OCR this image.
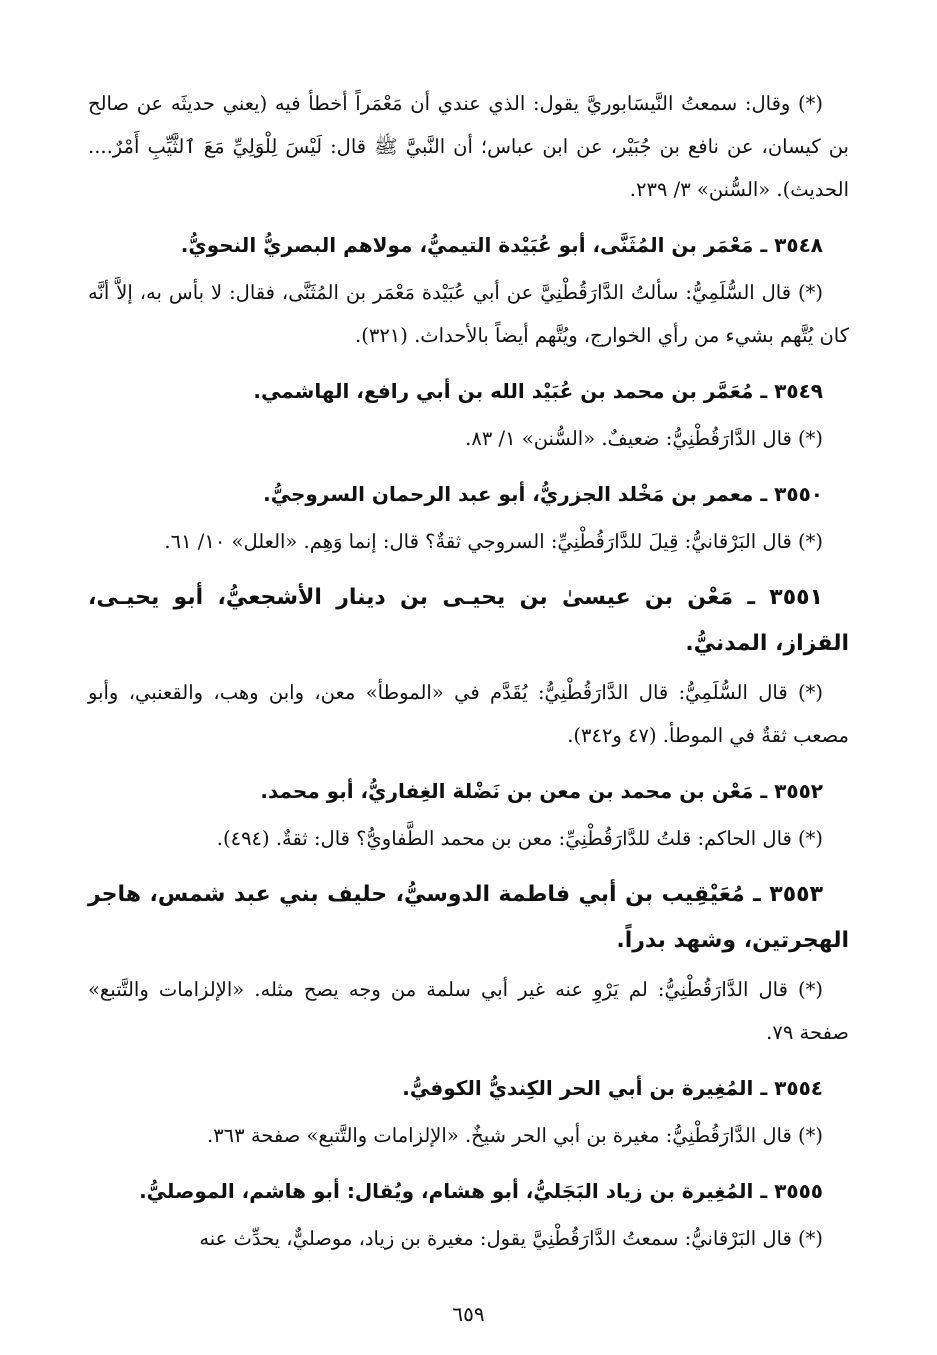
(*) وقال: سمعتُ النَّيسَابوريَّ يقول: الذي عندي أن مَعْمَراً أخطأ فيه (يعني حديثَه عن صالح بن كيسان، عن نافع بن جُبَيْر، عن ابن عباس؛ أن النَّبيَّ ﷺ قال: لَيْسَ لِلْوَلِيِّ مَعَ ٱلثَّيِّبِ أَمْرٌ.... الحديث). «السُّنن» ٣/ ٢٣٩.

٣٥٤٨ ـ مَعْمَر بن المُثَنَّى، أبو عُبَيْدة التيميُّ، مولاهم البصريُّ النحويُّ.

(*) قال السُّلَمِيُّ: سألتُ الدَّارَقُطْنِيَّ عن أبي عُبَيْدة مَعْمَر بن المُثَنَّى، فقال: لا بأس به، إلاَّ أنَّه كان يُتَّهم بشيء من رأي الخوارج، ويُتَّهم أيضاً بالأحداث. (٣٢١).

٣٥٤٩ ـ مُعَمَّر بن محمد بن عُبَيْد الله بن أبي رافع، الهاشمي.

(*) قال الدَّارَقُطْنِيُّ: ضعيفٌ. «السُّنن» ١/ ٨٣.

٣٥٥٠ ـ معمر بن مَخْلد الجزريُّ، أبو عبد الرحمان السروجيُّ.

(*) قال البَرْقانيُّ: قِيلَ للدَّارَقُطْنِيِّ: السروجي ثقةٌ؟ قال: إنما وَهِم. «العلل» ١٠/ ٦١.

٣٥٥١ ـ مَعْن بن عيسىٰ بن يحيـى بن دينار الأشجعيُّ، أبو يحيـى، القزاز، المدنيُّ.

(*) قال السُّلَمِيُّ: قال الدَّارَقُطْنِيُّ: يُقَدَّم في «الموطأ» معن، وابن وهب، والقعنبي، وأبو مصعب ثقةٌ في الموطأ. (٤٧ و٣٤٢).

٣٥٥٢ ـ مَعْن بن محمد بن معن بن نَضْلة الغِفاريُّ، أبو محمد.

(*) قال الحاكم: قلتُ للدَّارَقُطْنِيِّ: معن بن محمد الطَّفاويُّ؟ قال: ثقةٌ. (٤٩٤).

٣٥٥٣ ـ مُعَيْقِيب بن أبي فاطمة الدوسيُّ، حليف بني عبد شمس، هاجر الهجرتين، وشهد بدراً.

(*) قال الدَّارَقُطْنِيُّ: لم يَرْوِ عنه غير أبي سلمة من وجه يصح مثله. «الإلزامات والتَّتبع» صفحة ٧٩.

٣٥٥٤ ـ المُغِيرة بن أبي الحر الكِنديُّ الكوفيُّ.

(*) قال الدَّارَقُطْنِيُّ: مغيرة بن أبي الحر شيخٌ. «الإلزامات والتَّتبع» صفحة ٣٦٣.

٣٥٥٥ ـ المُغِيرة بن زياد البَجَليُّ، أبو هشام، ويُقال: أبو هاشم، الموصليُّ.

(*) قال البَرْقانيُّ: سمعتُ الدَّارَقُطْنِيَّ يقول: مغيرة بن زياد، موصليٌّ، يحدِّث عنه

٦٥٩
